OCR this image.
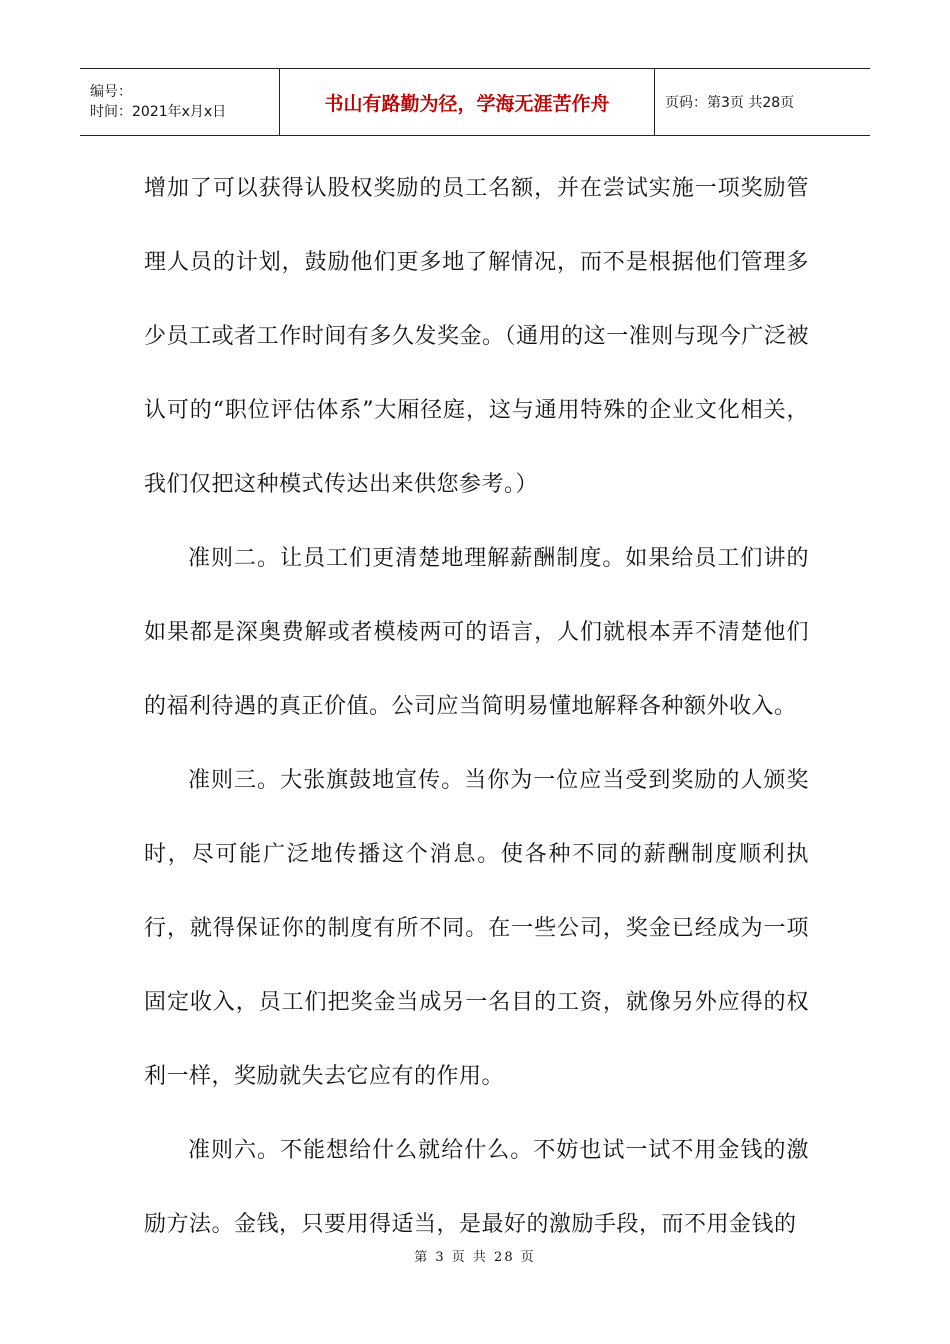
编号：
时间：2021年x月x日	书山有路勤为径，学海无涯苦作舟	页码：第3页 共28页

增加了可以获得认股权奖励的员工名额，并在尝试实施一项奖励管理人员的计划，鼓励他们更多地了解情况，而不是根据他们管理多少员工或者工作时间有多久发奖金。（通用的这一准则与现今广泛被认可的“职位评估体系”大厢径庭，这与通用特殊的企业文化相关，我们仅把这种模式传达出来供您参考。）

准则二。让员工们更清楚地理解薪酬制度。如果给员工们讲的如果都是深奥费解或者模棱两可的语言，人们就根本弄不清楚他们的福利待遇的真正价值。公司应当简明易懂地解释各种额外收入。

准则三。大张旗鼓地宣传。当你为一位应当受到奖励的人颁奖时，尽可能广泛地传播这个消息。使各种不同的薪酬制度顺利执行，就得保证你的制度有所不同。在一些公司，奖金已经成为一项固定收入，员工们把奖金当成另一名目的工资，就像另外应得的权利一样，奖励就失去它应有的作用。

准则六。不能想给什么就给什么。不妨也试一试不用金钱的激励方法。金钱，只要用得适当，是最好的激励手段，而不用金钱的

第 3 页 共 28 页
